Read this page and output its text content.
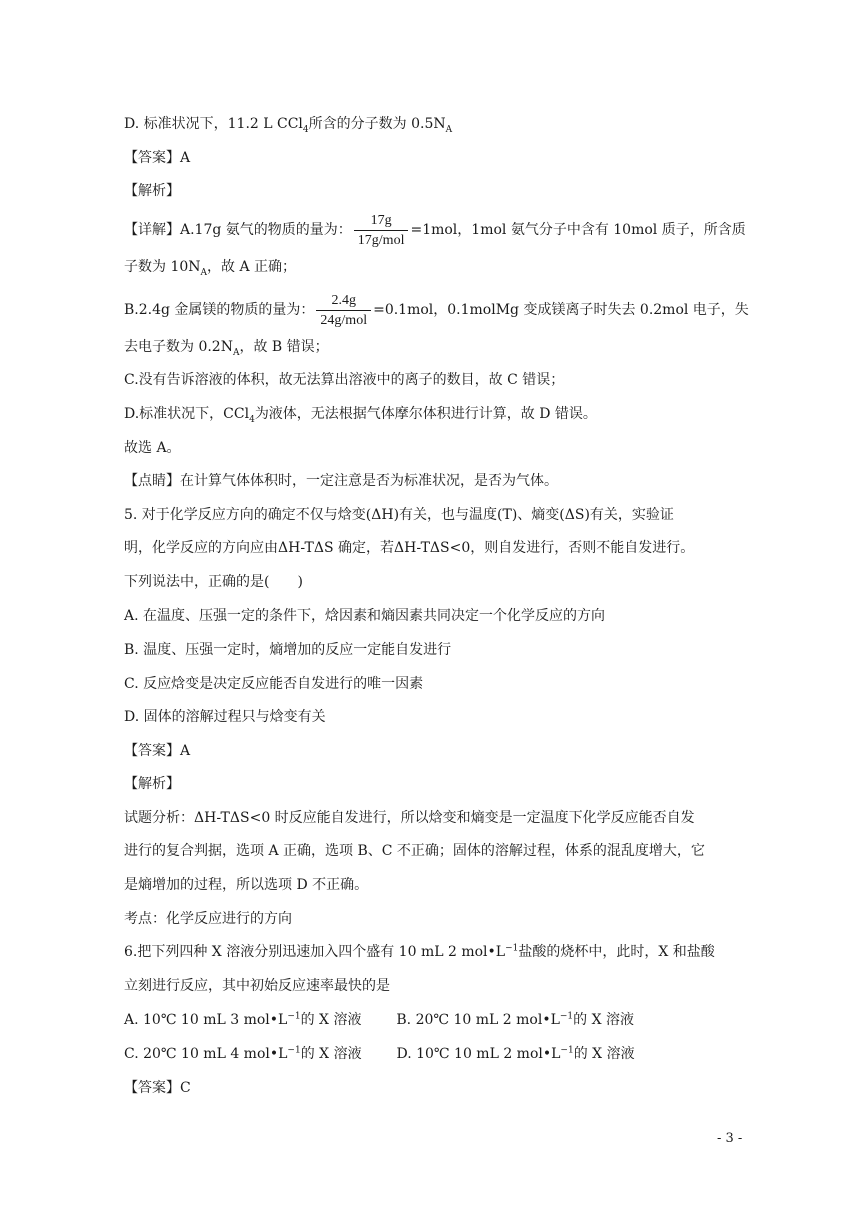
D. 标准状况下，11.2 L CCl$_4$所含的分子数为 $0.5N_A$
【答案】A
【解析】
【详解】A.17g 氨气的物质的量为： $\frac{17g}{\text{17g/mol}} =1mol$，1mol 氨气分子中含有 10mol 质子，所含质
子数为 $10N_A$，故 A 正确；
B.2.4g 金属镁的物质的量为： $\frac{2.4g}{\text{24g/mol}} =0.1mol$，0.1molMg 变成镁离子时失去 0.2mol 电子，失
去电子数为 $0.2N_A$，故 B 错误；
C.没有告诉溶液的体积，故无法算出溶液中的离子的数目，故 C 错误；
D.标准状况下，CCl$_4$为液体，无法根据气体摩尔体积进行计算，故 D 错误。
故选 A。
【点睛】在计算气体体积时，一定注意是否为标准状况，是否为气体。
5. 对于化学反应方向的确定不仅与焓变(ΔH)有关，也与温度(T)、熵变(ΔS)有关，实验证
明，化学反应的方向应由ΔH-TΔS 确定，若ΔH-TΔS<0，则自发进行，否则不能自发进行。
下列说法中，正确的是(　　)
A. 在温度、压强一定的条件下，焓因素和熵因素共同决定一个化学反应的方向
B. 温度、压强一定时，熵增加的反应一定能自发进行
C. 反应焓变是决定反应能否自发进行的唯一因素
D. 固体的溶解过程只与焓变有关
【答案】A
【解析】
试题分析：ΔH-TΔS<0 时反应能自发进行，所以焓变和熵变是一定温度下化学反应能否自发
进行的复合判据，选项 A 正确，选项 B、C 不正确；固体的溶解过程，体系的混乱度增大，它
是熵增加的过程，所以选项 D 不正确。
考点：化学反应进行的方向
6.把下列四种 X 溶液分别迅速加入四个盛有 10 mL 2 $mol•L^{-1}$盐酸的烧杯中，此时，X 和盐酸
立刻进行反应，其中初始反应速率最快的是
A. 10℃ 10 mL 3 $mol•L^{-1}$的 X 溶液 B. 20℃ 10 mL 2 $mol•L^{-1}$的 X 溶液
C. 20℃ 10 mL 4 $mol•L^{-1}$的 X 溶液 D. 10℃ 10 mL 2 $mol•L^{-1}$的 X 溶液
【答案】C
- 3 -
